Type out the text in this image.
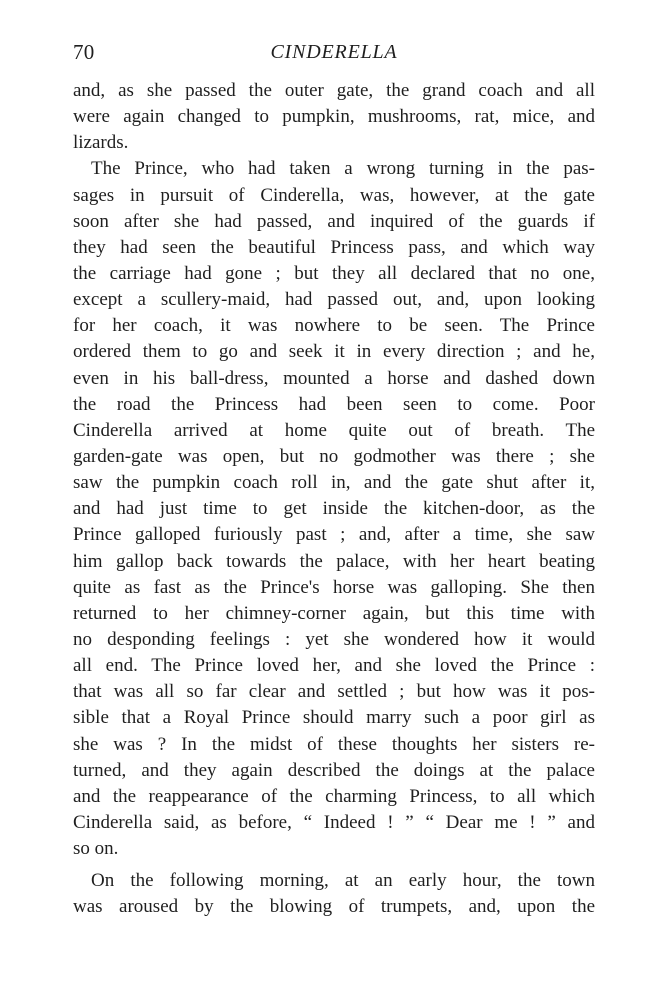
70	CINDERELLA
and, as she passed the outer gate, the grand coach and all
were again changed to pumpkin, mushrooms, rat, mice, and
lizards.
The Prince, who had taken a wrong turning in the pas-
sages in pursuit of Cinderella, was, however, at the gate
soon after she had passed, and inquired of the guards if
they had seen the beautiful Princess pass, and which way
the carriage had gone ; but they all declared that no one,
except a scullery-maid, had passed out, and, upon looking
for her coach, it was nowhere to be seen. The Prince
ordered them to go and seek it in every direction ; and he,
even in his ball-dress, mounted a horse and dashed down
the road the Princess had been seen to come. Poor
Cinderella arrived at home quite out of breath. The
garden-gate was open, but no godmother was there ; she
saw the pumpkin coach roll in, and the gate shut after it,
and had just time to get inside the kitchen-door, as the
Prince galloped furiously past ; and, after a time, she saw
him gallop back towards the palace, with her heart beating
quite as fast as the Prince's horse was galloping. She then
returned to her chimney-corner again, but this time with
no desponding feelings : yet she wondered how it would
all end. The Prince loved her, and she loved the Prince :
that was all so far clear and settled ; but how was it pos-
sible that a Royal Prince should marry such a poor girl as
she was ? In the midst of these thoughts her sisters re-
turned, and they again described the doings at the palace
and the reappearance of the charming Princess, to all which
Cinderella said, as before, “ Indeed ! ” “ Dear me ! ” and
so on.
On the following morning, at an early hour, the town
was aroused by the blowing of trumpets, and, upon the
